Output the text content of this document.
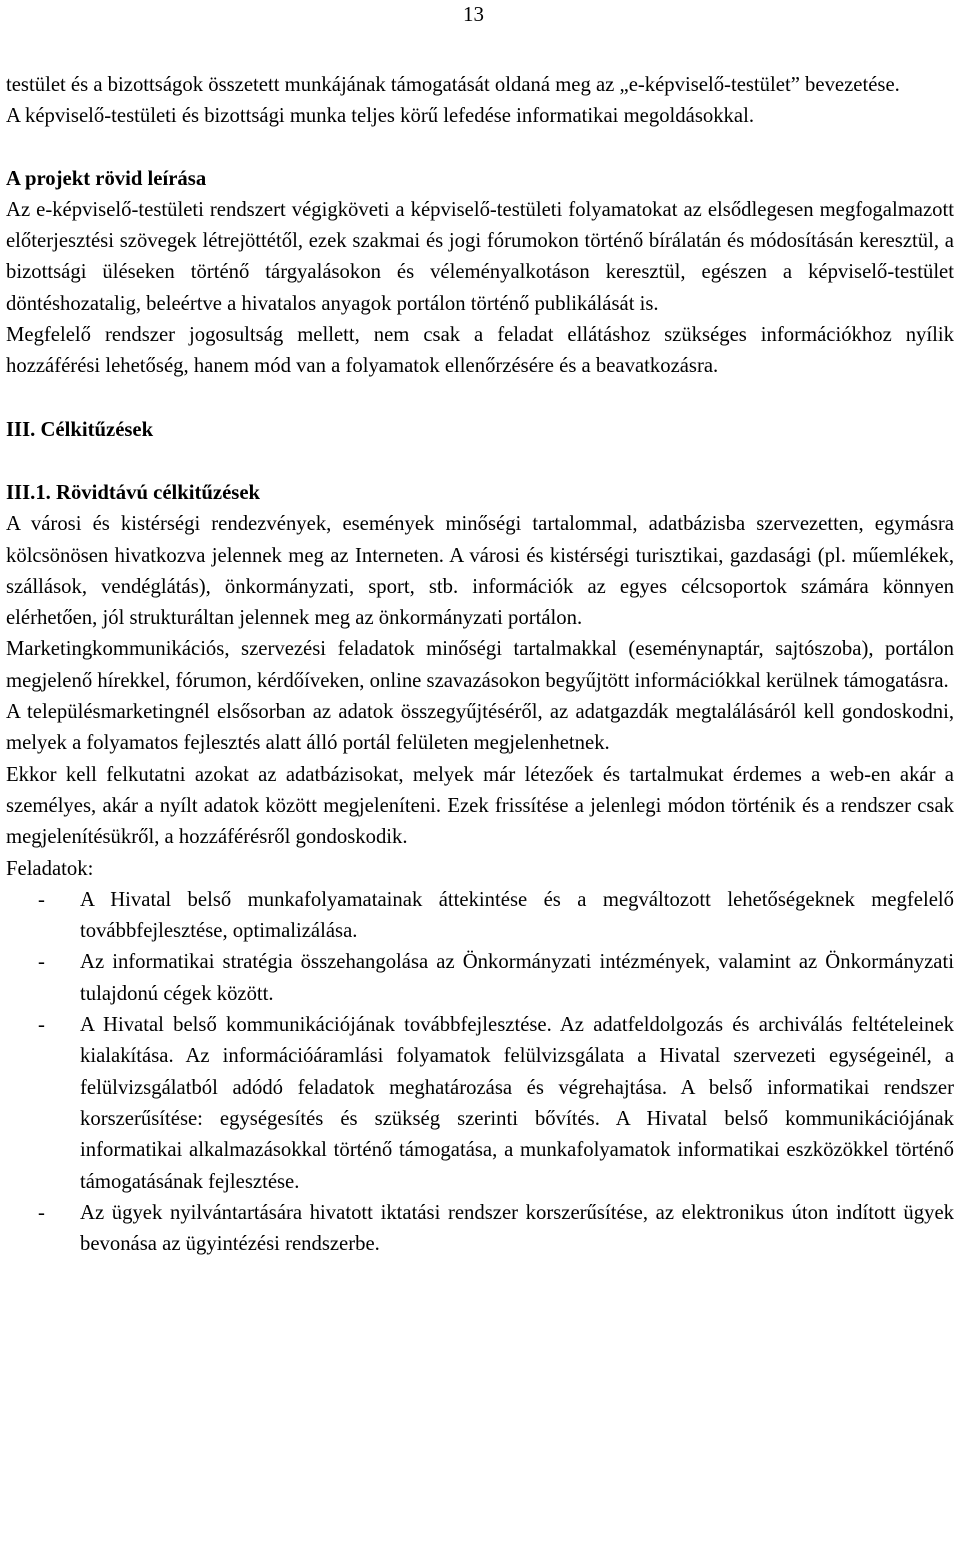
13

testület és a bizottságok összetett munkájának támogatását oldaná meg az „e-képviselő-testület” bevezetése.

A képviselő-testületi és bizottsági munka teljes körű lefedése informatikai megoldásokkal.

A projekt rövid leírása

Az e-képviselő-testületi rendszert végigköveti a képviselő-testületi folyamatokat az elsődlegesen megfogalmazott előterjesztési szövegek létrejöttétől, ezek szakmai és jogi fórumokon történő bírálatán és módosításán keresztül, a bizottsági üléseken történő tárgyalásokon és véleményalkotáson keresztül, egészen a képviselő-testület döntéshozatalig, beleértve a hivatalos anyagok portálon történő publikálását is.

Megfelelő rendszer jogosultság mellett, nem csak a feladat ellátáshoz szükséges információkhoz nyílik hozzáférési lehetőség, hanem mód van a folyamatok ellenőrzésére és a beavatkozásra.

III. Célkitűzések

III.1. Rövidtávú célkitűzések

A városi és kistérségi rendezvények, események minőségi tartalommal, adatbázisba szervezetten, egymásra kölcsönösen hivatkozva jelennek meg az Interneten. A városi és kistérségi turisztikai, gazdasági (pl. műemlékek, szállások, vendéglátás), önkormányzati, sport, stb. információk az egyes célcsoportok számára könnyen elérhetően, jól strukturáltan jelennek meg az önkormányzati portálon.

Marketingkommunikációs, szervezési feladatok minőségi tartalmakkal (eseménynaptár, sajtószoba), portálon megjelenő hírekkel, fórumon, kérdőíveken, online szavazásokon begyűjtött információkkal kerülnek támogatásra.

A településmarketingnél elsősorban az adatok összegyűjtéséről, az adatgazdák megtalálásáról kell gondoskodni, melyek a folyamatos fejlesztés alatt álló portál felületen megjelenhetnek.

Ekkor kell felkutatni azokat az adatbázisokat, melyek már létezőek és tartalmukat érdemes a web-en akár a személyes, akár a nyílt adatok között megjeleníteni. Ezek frissítése a jelenlegi módon történik és a rendszer csak megjelenítésükről, a hozzáférésről gondoskodik.

Feladatok:

- A Hivatal belső munkafolyamatainak áttekintése és a megváltozott lehetőségeknek megfelelő továbbfejlesztése, optimalizálása.
- Az informatikai stratégia összehangolása az Önkormányzati intézmények, valamint az Önkormányzati tulajdonú cégek között.
- A Hivatal belső kommunikációjának továbbfejlesztése. Az adatfeldolgozás és archiválás feltételeinek kialakítása. Az információáramlási folyamatok felülvizsgálata a Hivatal szervezeti egységeinél, a felülvizsgálatból adódó feladatok meghatározása és végrehajtása. A belső informatikai rendszer korszerűsítése: egységesítés és szükség szerinti bővítés. A Hivatal belső kommunikációjának informatikai alkalmazásokkal történő támogatása, a munkafolyamatok informatikai eszközökkel történő támogatásának fejlesztése.
- Az ügyek nyilvántartására hivatott iktatási rendszer korszerűsítése, az elektronikus úton indított ügyek bevonása az ügyintézési rendszerbe.
